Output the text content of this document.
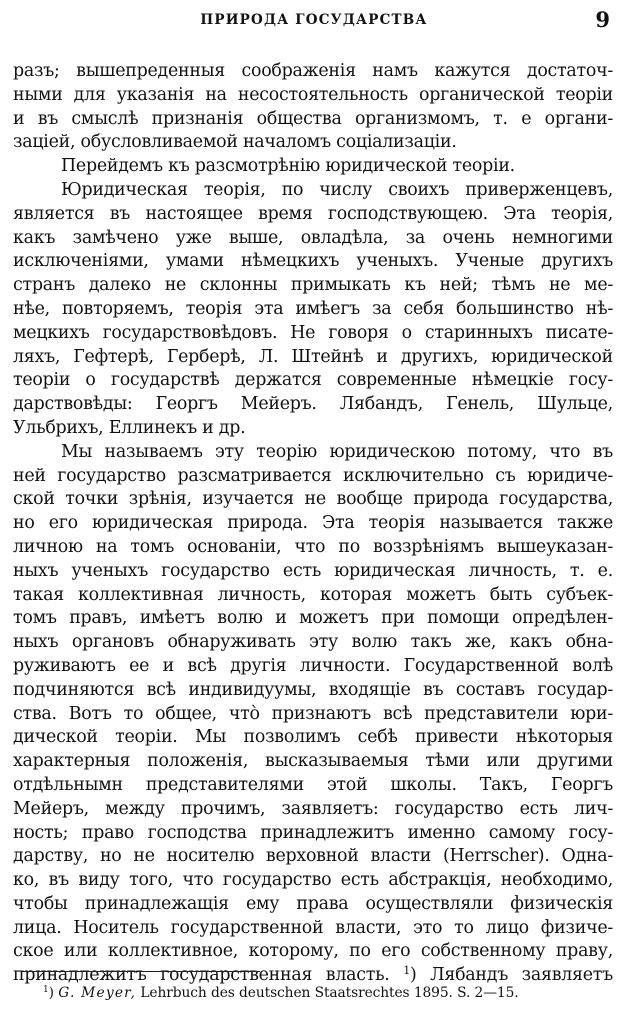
ПРИРОДА ГОСУДАРСТВА	9
разъ; вышепреденныя соображенія намъ кажутся достаточ-
ными для указанія на несостоятельность органической теоріи
и въ смыслѣ признанія общества организмомъ, т. е органи-
заціей, обусловливаемой началомъ соціализаціи.
Перейдемъ къ разсмотрѣнію юридической теоріи.
Юридическая теорія, по числу своихъ приверженцевъ,
является въ настоящее время господствующею. Эта теорія,
какъ замѣчено уже выше, овладѣла, за очень немногими
исключеніями, умами нѣмецкихъ ученыхъ. Ученые другихъ
странъ далеко не склонны примыкать къ ней; тѣмъ не ме-
нѣе, повторяемъ, теорія эта имѣегъ за себя большинство нѣ-
мецкихъ государствовѣдовъ. Не говоря о старинныхъ писате-
ляхъ, Гефтерѣ, Герберѣ, Л. Штейнѣ и другихъ, юридической
теоріи о государствѣ держатся современные нѣмецкіе госу-
дарствовѣды: Георгъ Мейеръ. Лябандъ, Генель, Шульце,
Ульбрихъ, Еллинекъ и др.
Мы называемъ эту теорію юридическою потому, что въ
ней государство разсматривается исключительно съ юридиче-
ской точки зрѣнія, изучается не вообще природа государства,
но его юридическая природа. Эта теорія называется также
личною на томъ основаніи, что по воззрѣніямъ вышеуказан-
ныхъ ученыхъ государство есть юридическая личность, т. е.
такая коллективная личность, которая можетъ быть субъек-
томъ правъ, имѣетъ волю и можетъ при помощи опредѣлен-
ныхъ органовъ обнаруживать эту волю такъ же, какъ обна-
руживаютъ ее и всѣ другія личности. Государственной волѣ
подчиняются всѣ индивидуумы, входящіе въ составъ государ-
ства. Вотъ то общее, что̀ признаютъ всѣ представители юри-
дической теоріи. Мы позволимъ себѣ привести нѣкоторыя
характерныя положенія, высказываемыя тѣми или другими
отдѣльнымн представителями этой школы. Такъ, Георгъ
Мейеръ, между прочимъ, заявляетъ: государство есть лич-
ность; право господства принадлежитъ именно самому госу-
дарству, но не носителю верховной власти (Herrscher). Одна-
ко, въ виду того, что государство есть абстракція, необходимо,
чтобы принадлежащія ему права осуществляли физическія
лица. Носитель государственной власти, это то лицо физиче-
ское или коллективное, которому, по его собственному праву,
принадлежитъ государственная власть. $^1$) Лябандъ заявляетъ
$^1$) G. Meyer, Lehrbuch des deutschen Staatsrechtes 1895. S. 2—15.
